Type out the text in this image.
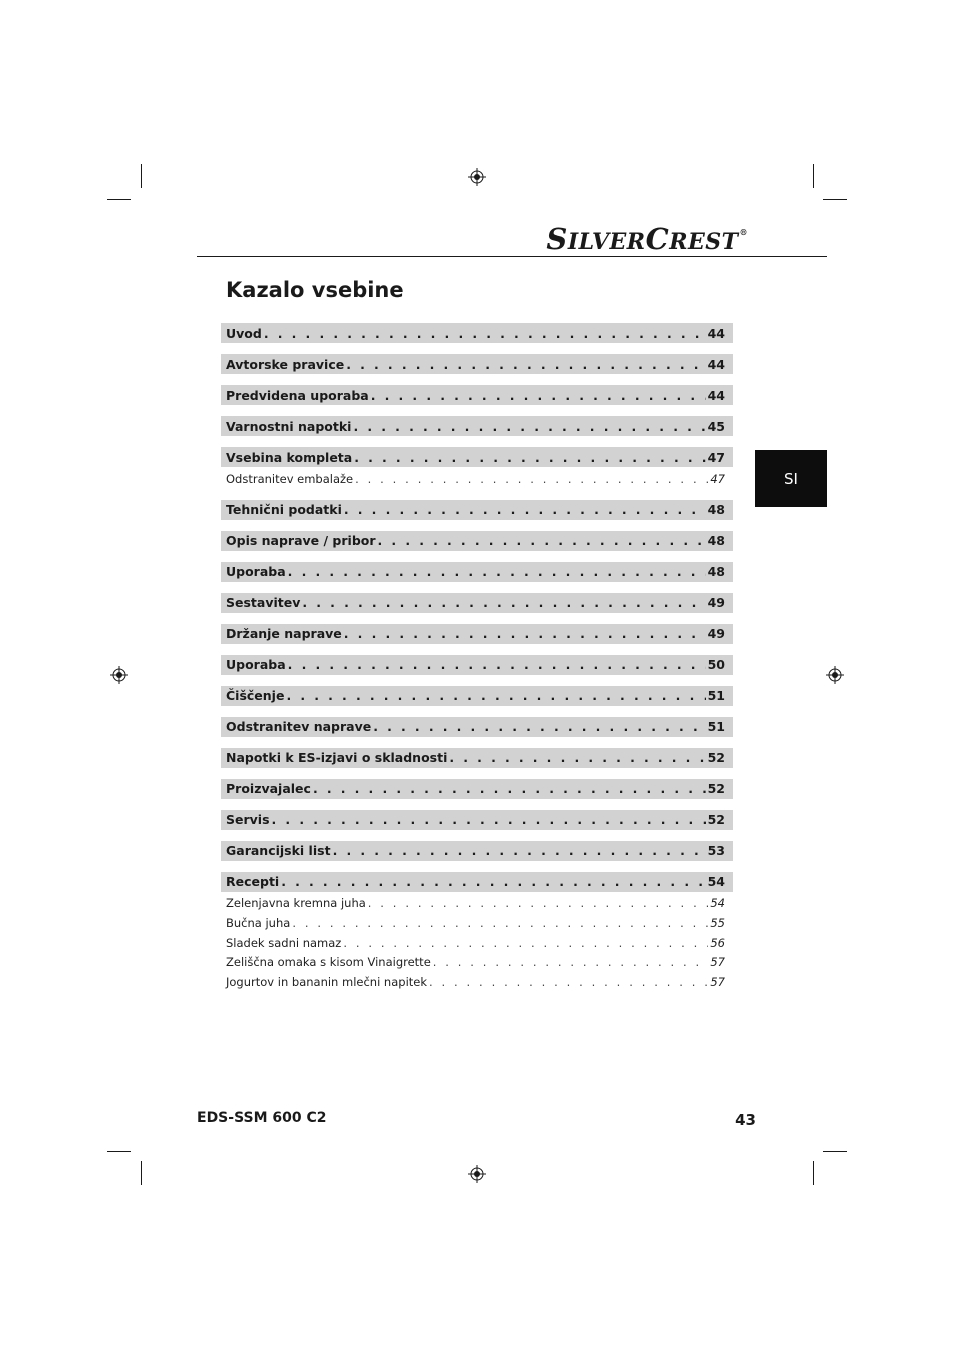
SILVERCREST®
Kazalo vsebine
SI
Uvod . . .	44
Avtorske pravice . . .	44
Predvidena uporaba . . .	44
Varnostni napotki . . .	45
Vsebina kompleta . . .	47
Odstranitev embalaže . . .	47
Tehnični podatki . . .	48
Opis naprave / pribor . . .	48
Uporaba . . .	48
Sestavitev . . .	49
Držanje naprave . . .	49
Uporaba . . .	50
Čiščenje . . .	51
Odstranitev naprave . . .	51
Napotki k ES-izjavi o skladnosti . . .	52
Proizvajalec . . .	52
Servis . . .	52
Garancijski list . . .	53
Recepti . . .	54
Zelenjavna kremna juha . . .	54
Bučna juha . . .	55
Sladek sadni namaz . . .	56
Zeliščna omaka s kisom Vinaigrette . . .	57
Jogurtov in bananin mlečni napitek . . .	57
EDS-SSM 600 C2	43
